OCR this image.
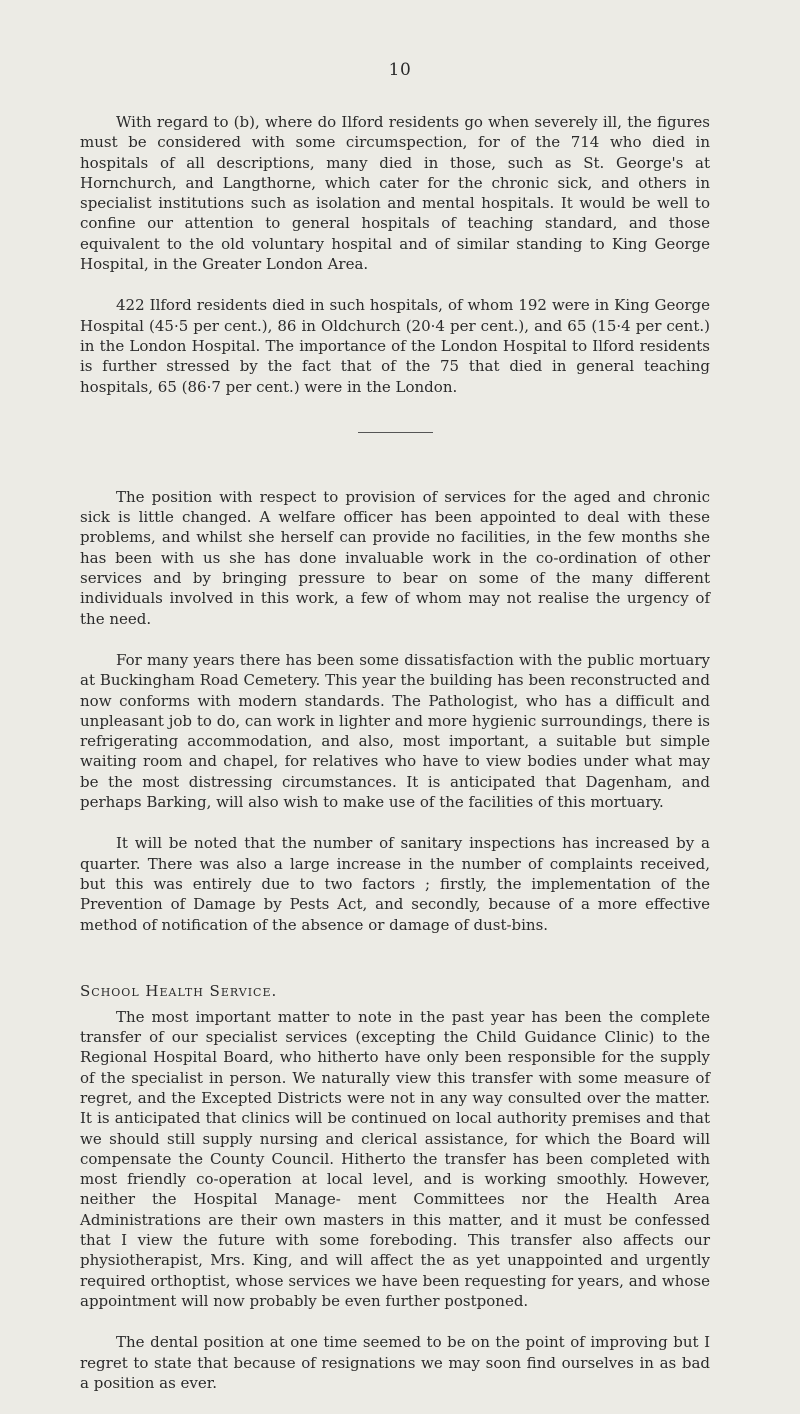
10

With regard to (b), where do Ilford residents go when severely ill, the figures must be considered with some circumspection, for of the 714 who died in hospitals of all descriptions, many died in those, such as St. George's at Hornchurch, and Langthorne, which cater for the chronic sick, and others in specialist institutions such as isolation and mental hospitals. It would be well to confine our attention to general hospitals of teaching standard, and those equivalent to the old voluntary hospital and of similar standing to King George Hospital, in the Greater London Area.

422 Ilford residents died in such hospitals, of whom 192 were in King George Hospital (45·5 per cent.), 86 in Oldchurch (20·4 per cent.), and 65 (15·4 per cent.) in the London Hospital. The importance of the London Hospital to Ilford residents is further stressed by the fact that of the 75 that died in general teaching hospitals, 65 (86·7 per cent.) were in the London.

The position with respect to provision of services for the aged and chronic sick is little changed. A welfare officer has been appointed to deal with these problems, and whilst she herself can provide no facilities, in the few months she has been with us she has done invaluable work in the co-ordination of other services and by bringing pressure to bear on some of the many different individuals involved in this work, a few of whom may not realise the urgency of the need.

For many years there has been some dissatisfaction with the public mortuary at Buckingham Road Cemetery. This year the building has been reconstructed and now conforms with modern standards. The Pathologist, who has a difficult and unpleasant job to do, can work in lighter and more hygienic surroundings, there is refrigerating accommodation, and also, most important, a suitable but simple waiting room and chapel, for relatives who have to view bodies under what may be the most distressing circumstances. It is anticipated that Dagenham, and perhaps Barking, will also wish to make use of the facilities of this mortuary.

It will be noted that the number of sanitary inspections has increased by a quarter. There was also a large increase in the number of complaints received, but this was entirely due to two factors ; firstly, the implementation of the Prevention of Damage by Pests Act, and secondly, because of a more effective method of notification of the absence or damage of dust-bins.

School Health Service.

The most important matter to note in the past year has been the complete transfer of our specialist services (excepting the Child Guidance Clinic) to the Regional Hospital Board, who hitherto have only been responsible for the supply of the specialist in person. We naturally view this transfer with some measure of regret, and the Excepted Districts were not in any way consulted over the matter. It is anticipated that clinics will be continued on local authority premises and that we should still supply nursing and clerical assistance, for which the Board will compensate the County Council. Hitherto the transfer has been completed with most friendly co-operation at local level, and is working smoothly. However, neither the Hospital Manage- ment Committees nor the Health Area Administrations are their own masters in this matter, and it must be confessed that I view the future with some foreboding. This transfer also affects our physiotherapist, Mrs. King, and will affect the as yet unappointed and urgently required orthoptist, whose services we have been requesting for years, and whose appointment will now probably be even further postponed.

The dental position at one time seemed to be on the point of improving but I regret to state that because of resignations we may soon find ourselves in as bad a position as ever.
